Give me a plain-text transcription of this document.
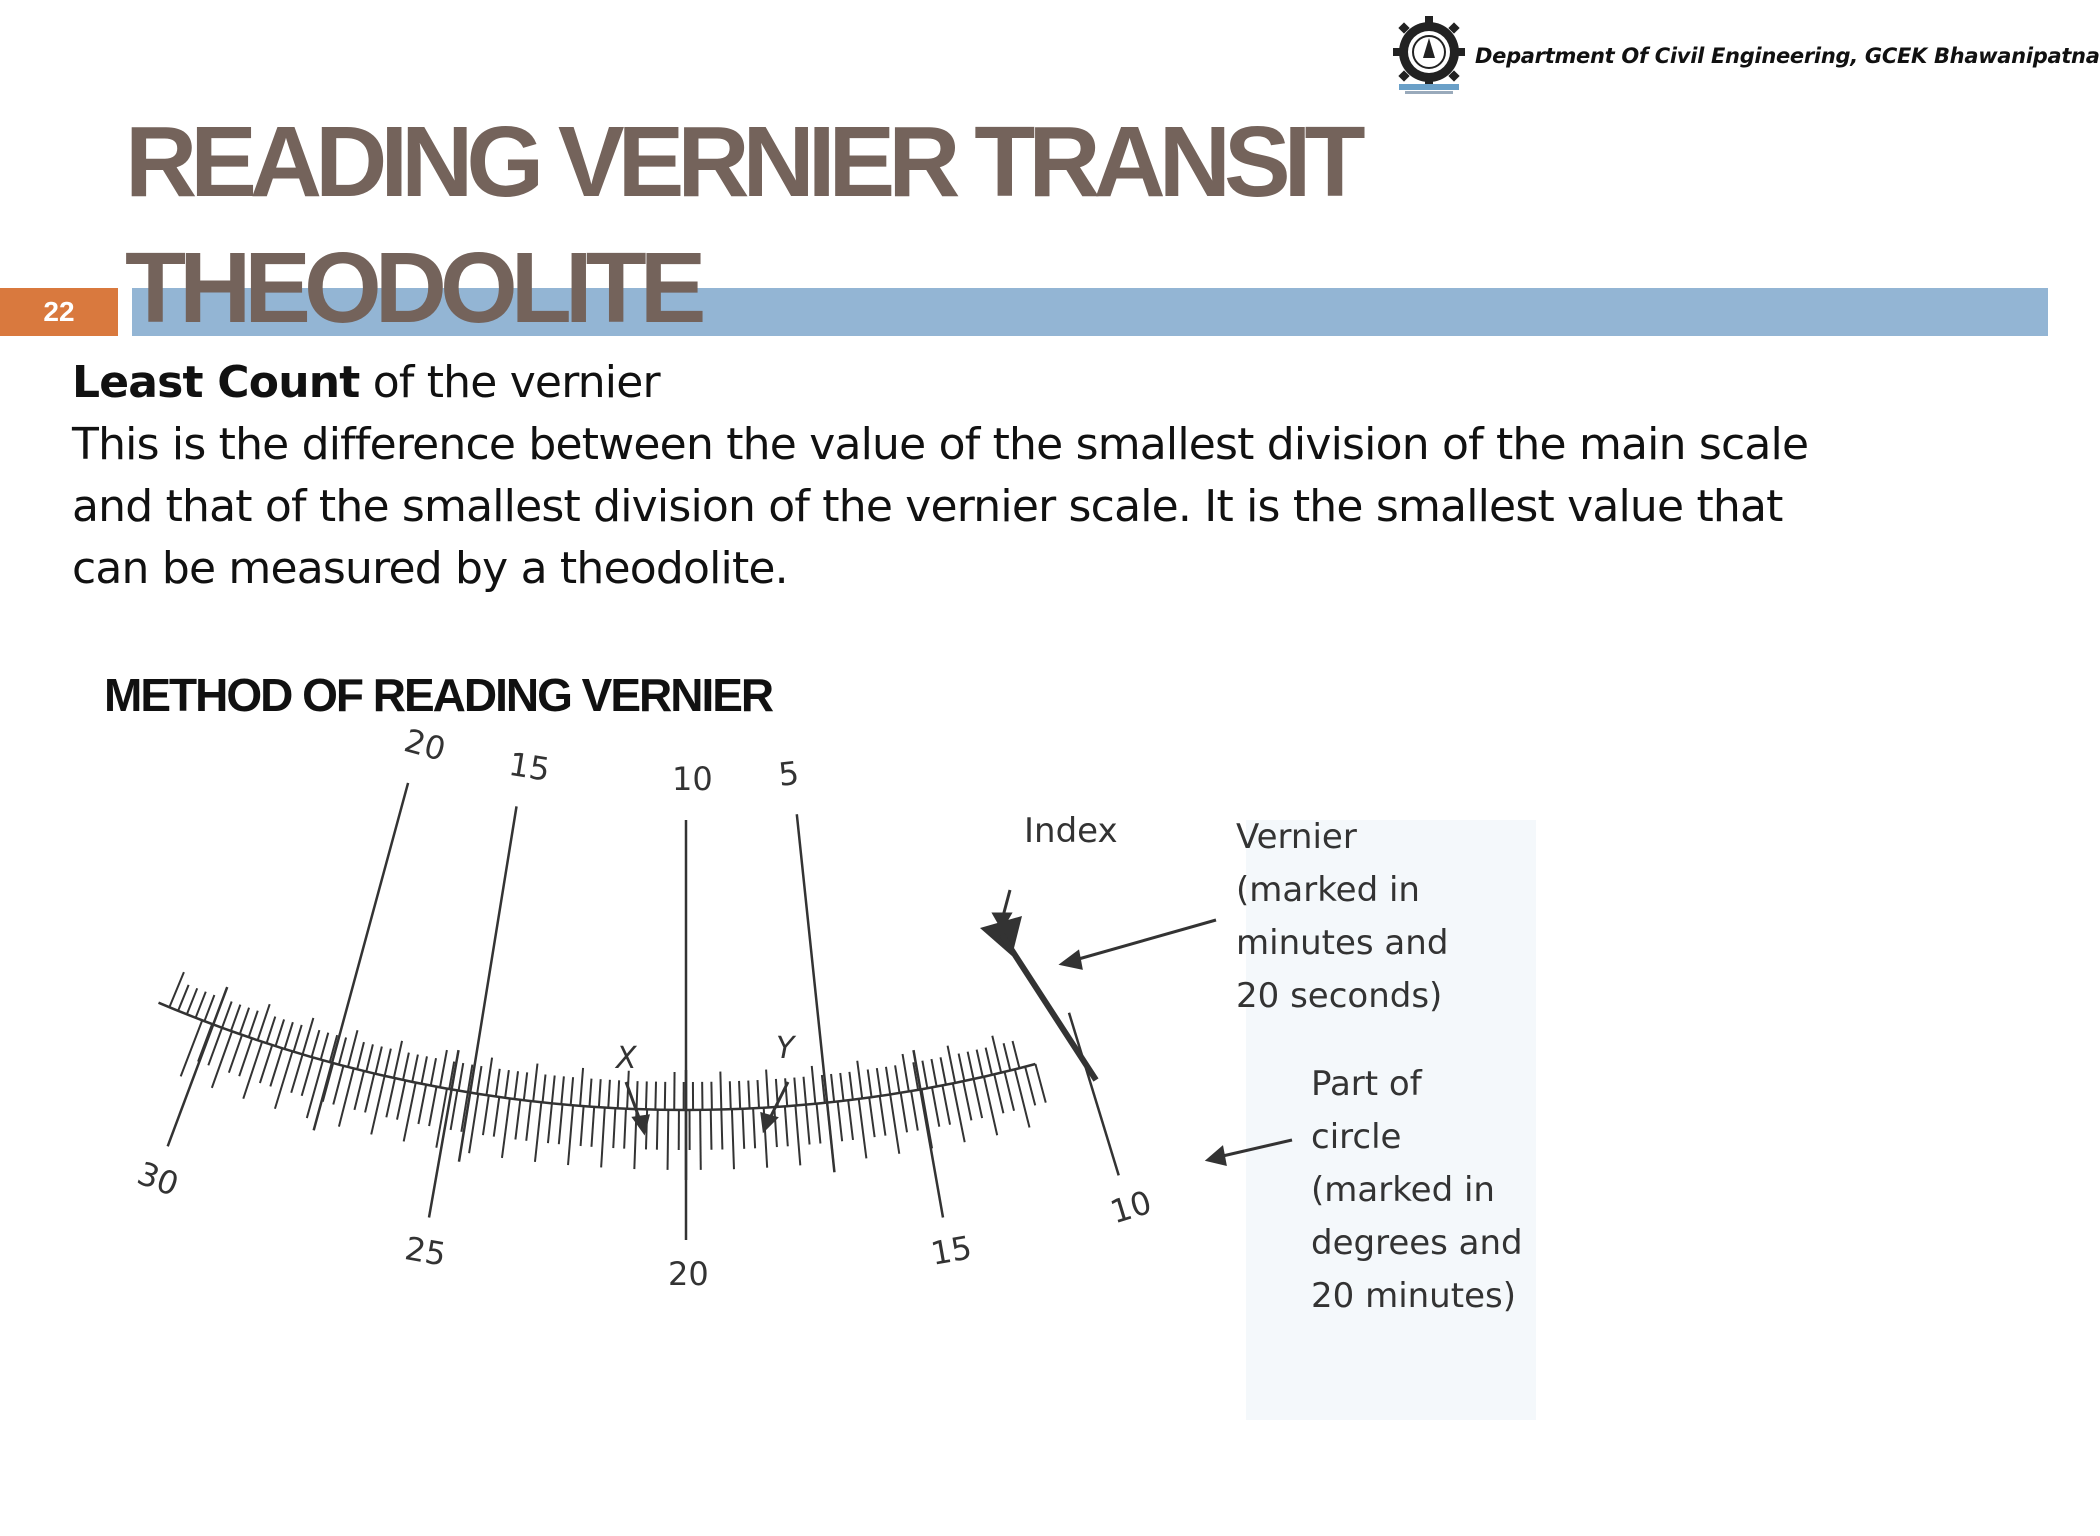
Department Of Civil Engineering, GCEK Bhawanipatna
READING VERNIER TRANSIT
22 THEODOLITE
Least Count of the vernier
This is the difference between the value of the smallest division of the main scale
and that of the smallest division of the vernier scale. It is the smallest value that
can be measured by a theodolite.
METHOD OF READING VERNIER
20 15	10 5
30
25
20
15
10
Index	Vernier
(marked in
minutes and
20 seconds)
Part of
circle
(marked in
degrees and
20 minutes)
X	Y
